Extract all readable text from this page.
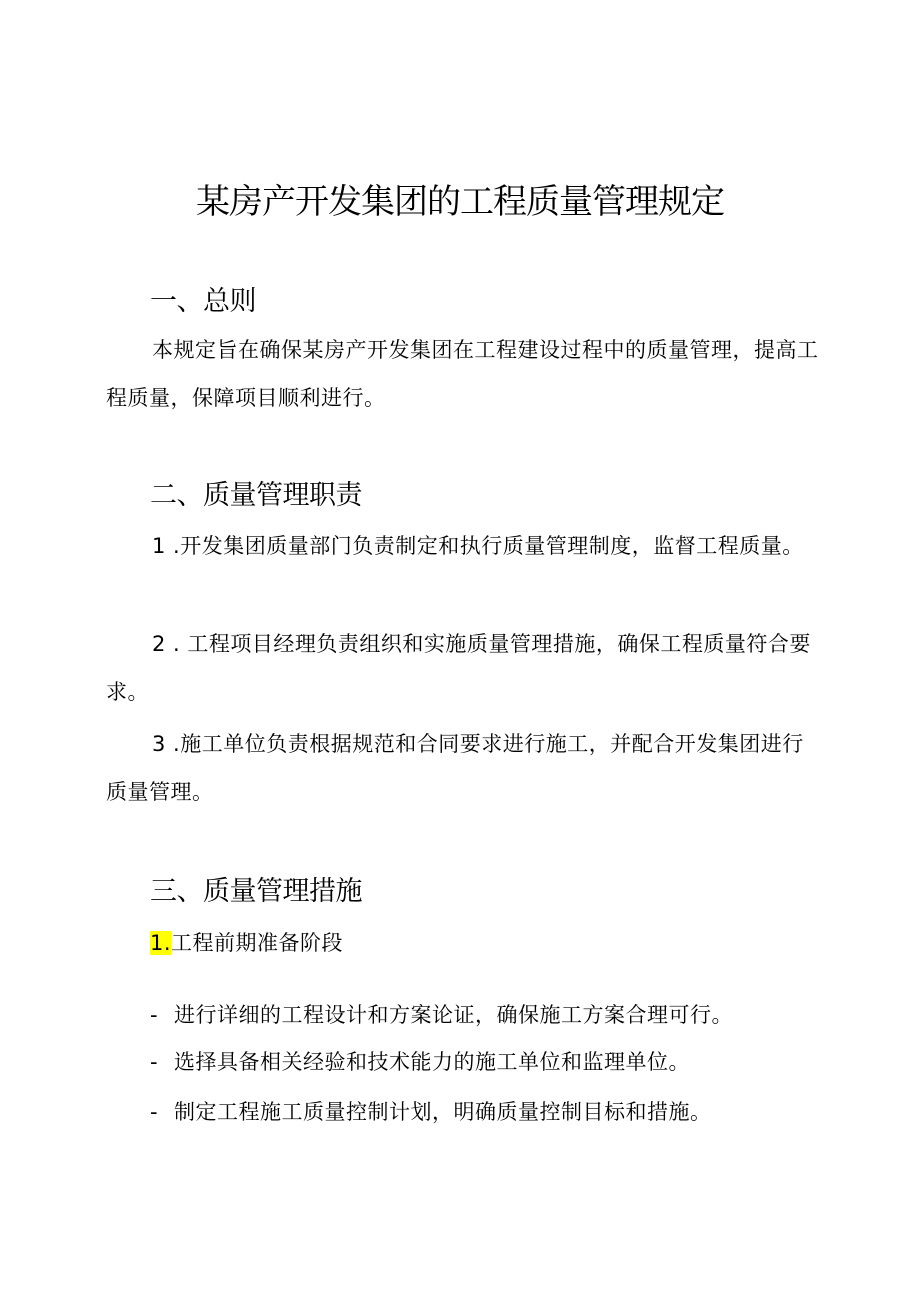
某房产开发集团的工程质量管理规定
一、总则

本规定旨在确保某房产开发集团在工程建设过程中的质量管理，提高工程质量，保障项目顺利进行。

二、质量管理职责

1 .开发集团质量部门负责制定和执行质量管理制度，监督工程质量。

2 . 工程项目经理负责组织和实施质量管理措施，确保工程质量符合要求。

3 .施工单位负责根据规范和合同要求进行施工，并配合开发集团进行质量管理。

三、质量管理措施

1.工程前期准备阶段

- 进行详细的工程设计和方案论证，确保施工方案合理可行。

- 选择具备相关经验和技术能力的施工单位和监理单位。

- 制定工程施工质量控制计划，明确质量控制目标和措施。
